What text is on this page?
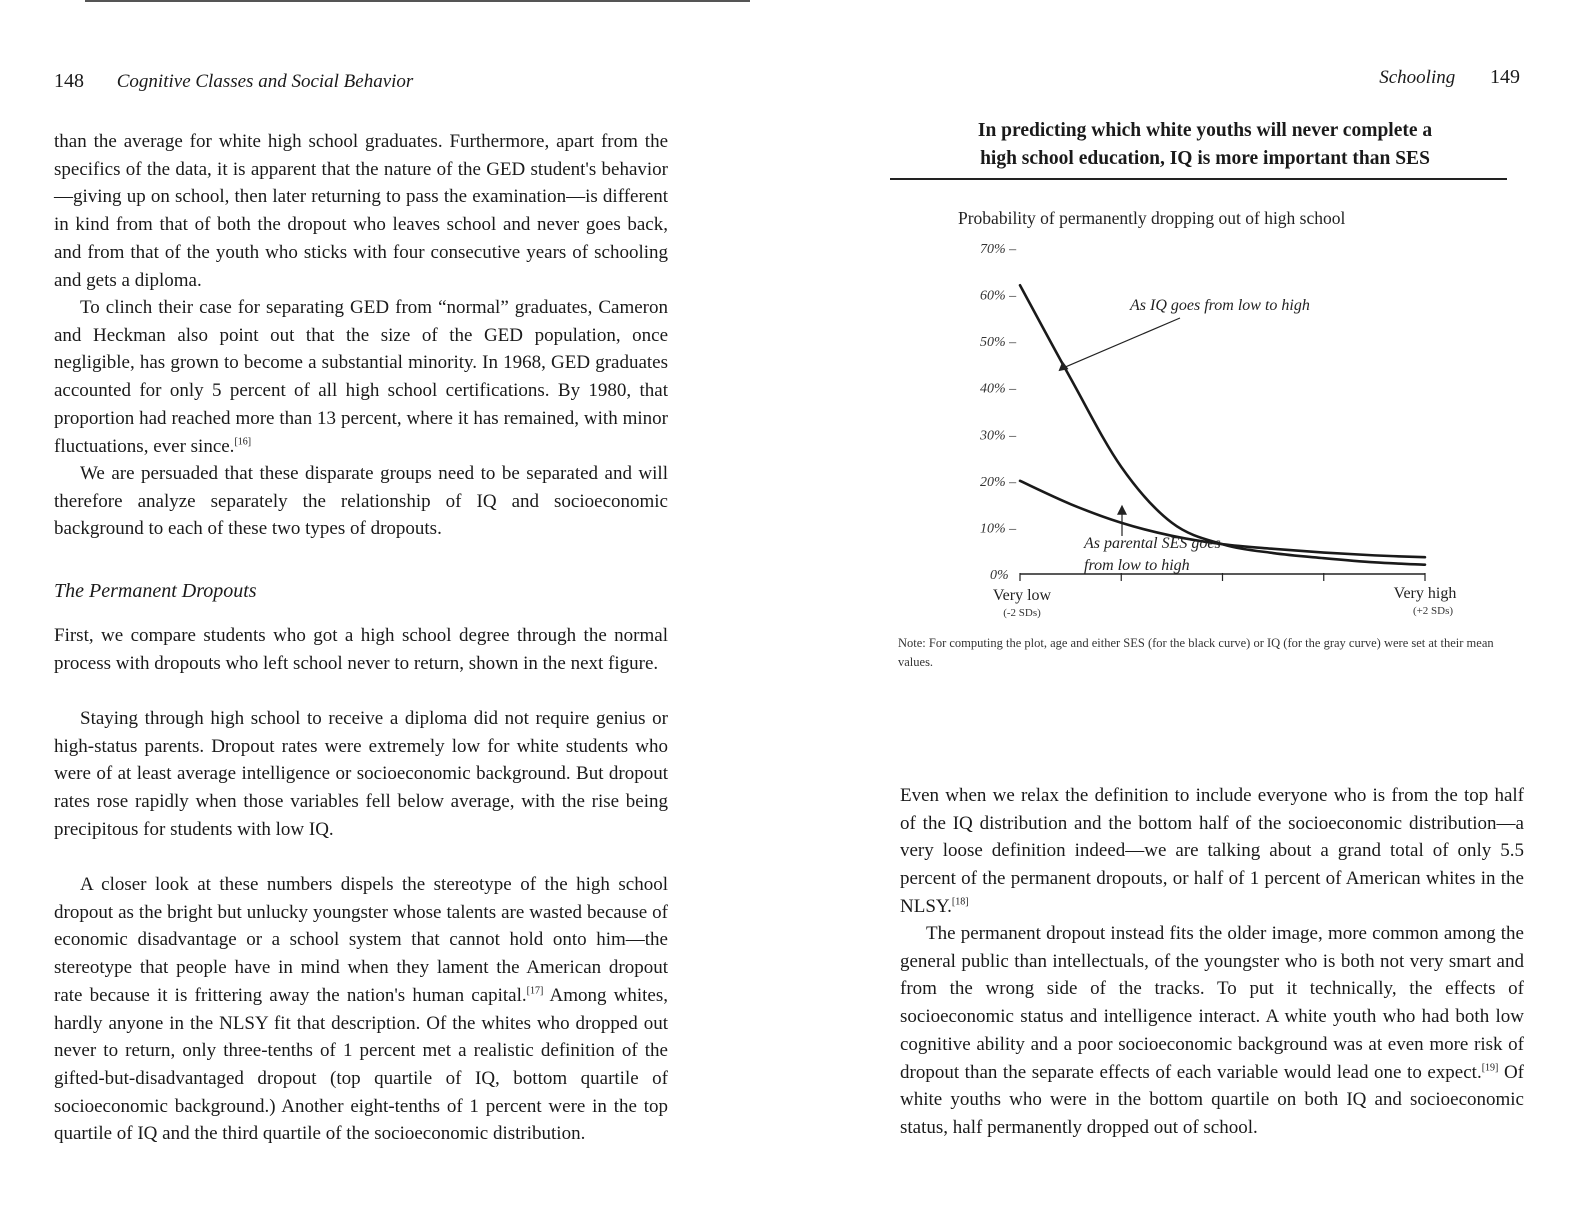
148 Cognitive Classes and Social Behavior

than the average for white high school graduates. Furthermore, apart from the specifics of the data, it is apparent that the nature of the GED student's behavior—giving up on school, then later returning to pass the examination—is different in kind from that of both the dropout who leaves school and never goes back, and from that of the youth who sticks with four consecutive years of schooling and gets a diploma.

To clinch their case for separating GED from “normal” graduates, Cameron and Heckman also point out that the size of the GED population, once negligible, has grown to become a substantial minority. In 1968, GED graduates accounted for only 5 percent of all high school certifications. By 1980, that proportion had reached more than 13 percent, where it has remained, with minor fluctuations, ever since.[16]

We are persuaded that these disparate groups need to be separated and will therefore analyze separately the relationship of IQ and socioeconomic background to each of these two types of dropouts.

The Permanent Dropouts

First, we compare students who got a high school degree through the normal process with dropouts who left school never to return, shown in the next figure.

Staying through high school to receive a diploma did not require genius or high-status parents. Dropout rates were extremely low for white students who were of at least average intelligence or socioeconomic background. But dropout rates rose rapidly when those variables fell below average, with the rise being precipitous for students with low IQ.

A closer look at these numbers dispels the stereotype of the high school dropout as the bright but unlucky youngster whose talents are wasted because of economic disadvantage or a school system that cannot hold onto him—the stereotype that people have in mind when they lament the American dropout rate because it is frittering away the nation's human capital.[17] Among whites, hardly anyone in the NLSY fit that description. Of the whites who dropped out never to return, only three-tenths of 1 percent met a realistic definition of the gifted-but-disadvantaged dropout (top quartile of IQ, bottom quartile of socioeconomic background.) Another eight-tenths of 1 percent were in the top quartile of IQ and the third quartile of the socioeconomic distribution.

Schooling 149
In predicting which white youths will never complete a
high school education, IQ is more important than SES
Probability of permanently dropping out of high school
0%
10% –
20% –
30% –
40% –
50% –
60% –
70% –
Very low
(-2 SDs)
Very high
(+2 SDs)
As IQ goes from low to high
As parental SES goes
from low to high
Note: For computing the plot, age and either SES (for the black curve) or IQ (for the gray curve) were set at their mean values.

Even when we relax the definition to include everyone who is from the top half of the IQ distribution and the bottom half of the socioeconomic distribution—a very loose definition indeed—we are talking about a grand total of only 5.5 percent of the permanent dropouts, or half of 1 percent of American whites in the NLSY.[18]

The permanent dropout instead fits the older image, more common among the general public than intellectuals, of the youngster who is both not very smart and from the wrong side of the tracks. To put it technically, the effects of socioeconomic status and intelligence interact. A white youth who had both low cognitive ability and a poor socioeconomic background was at even more risk of dropout than the separate effects of each variable would lead one to expect.[19] Of white youths who were in the bottom quartile on both IQ and socioeconomic status, half permanently dropped out of school.
